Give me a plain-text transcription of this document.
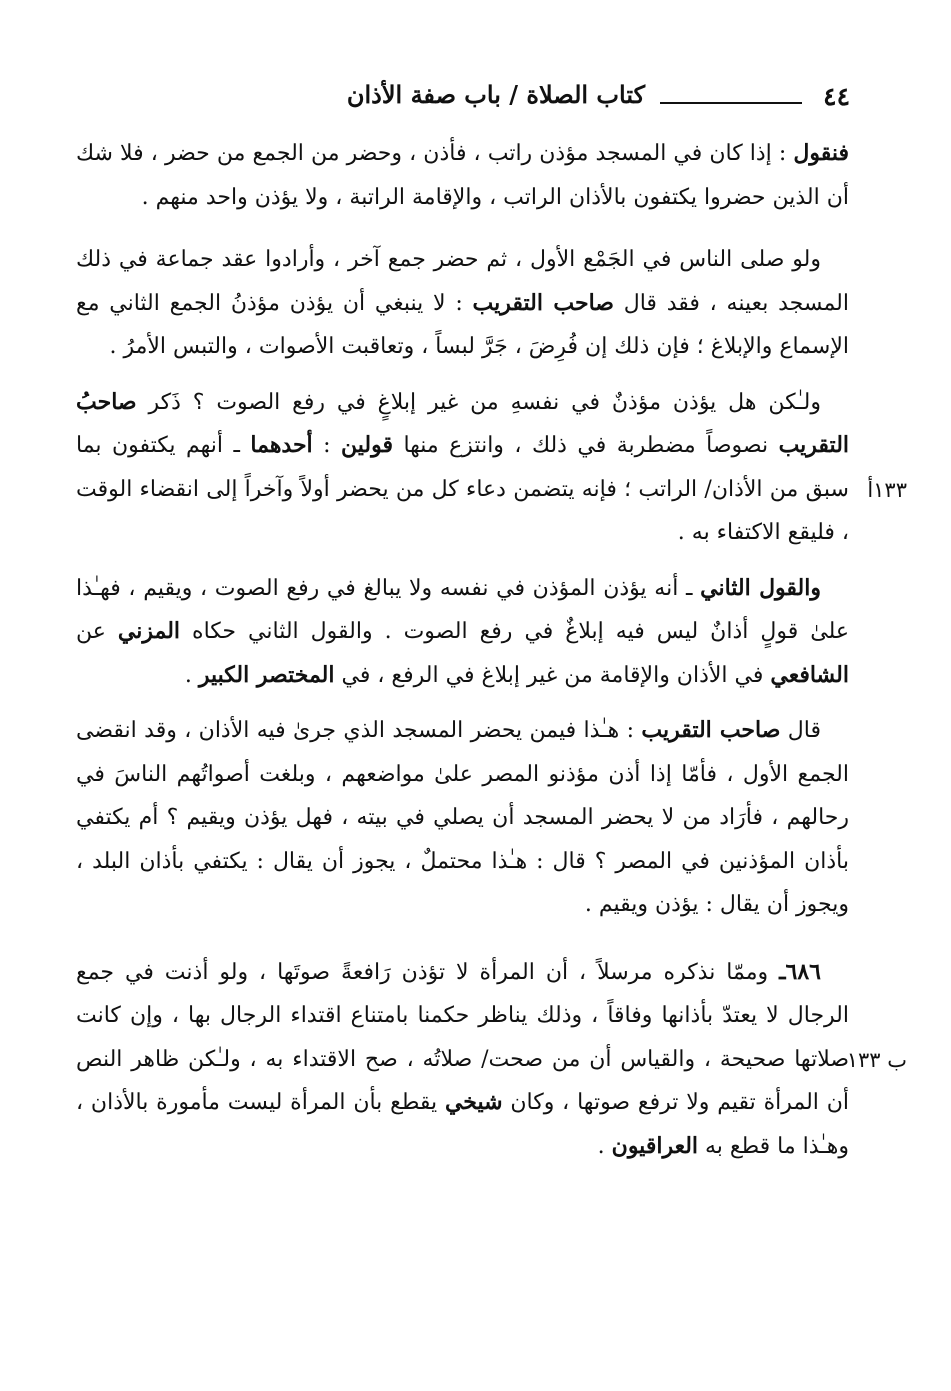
٤٤
كتاب الصلاة / باب صفة الأذان

فنقول : إذا كان في المسجد مؤذن راتب ، فأذن ، وحضر من الجمع من حضر ، فلا شك أن الذين حضروا يكتفون بالأذان الراتب ، والإقامة الراتبة ، ولا يؤذن واحد منهم .

ولو صلى الناس في الجَمْع الأول ، ثم حضر جمع آخر ، وأرادوا عقد جماعة في ذلك المسجد بعينه ، فقد قال صاحب التقريب : لا ينبغي أن يؤذن مؤذنُ الجمع الثاني مع الإسماع والإبلاغ ؛ فإن ذلك إن فُرِضَ ، جَرَّ لبساً ، وتعاقبت الأصوات ، والتبس الأمرُ .

ولـٰكن هل يؤذن مؤذنٌ في نفسهِ من غير إبلاغٍ في رفع الصوت ؟ ذَكر صاحبُ التقريب نصوصاً مضطربة في ذلك ، وانتزع منها قولين : أحدهما ـ أنهم يكتفون بما سبق من الأذان/ الراتب ؛ فإنه يتضمن دعاء كل من يحضر أولاً وآخراً إلى انقضاء الوقت ، فليقع الاكتفاء به .
١٣٣أ

والقول الثاني ـ أنه يؤذن المؤذن في نفسه ولا يبالغ في رفع الصوت ، ويقيم ، فهـٰذا علىٰ قولٍ أذانٌ ليس فيه إبلاغٌ في رفع الصوت . والقول الثاني حكاه المزني عن الشافعي في الأذان والإقامة من غير إبلاغ في الرفع ، في المختصر الكبير .

قال صاحب التقريب : هـٰذا فيمن يحضر المسجد الذي جرىٰ فيه الأذان ، وقد انقضى الجمع الأول ، فأمّا إذا أذن مؤذنو المصر علىٰ مواضعهم ، وبلغت أصواتُهم الناسَ في رحالهم ، فأرَاد من لا يحضر المسجد أن يصلي في بيته ، فهل يؤذن ويقيم ؟ أم يكتفي بأذان المؤذنين في المصر ؟ قال : هـٰذا محتملٌ ، يجوز أن يقال : يكتفي بأذان البلد ، ويجوز أن يقال : يؤذن ويقيم .

٦٨٦ـ وممّا نذكره مرسلاً ، أن المرأة لا تؤذن رَافعةً صوتَها ، ولو أذنت في جمع الرجال لا يعتدّ بأذانها وفاقاً ، وذلك يناظر حكمنا بامتناع اقتداء الرجال بها ، وإن كانت صلاتها صحيحة ، والقياس أن من صحت/ صلاتُه ، صح الاقتداء به ، ولـٰكن ظاهر النص أن المرأة تقيم ولا ترفع صوتها ، وكان شيخي يقطع بأن المرأة ليست مأمورة بالأذان ، وهـٰذا ما قطع به العراقيون .
ب ١٣٣
